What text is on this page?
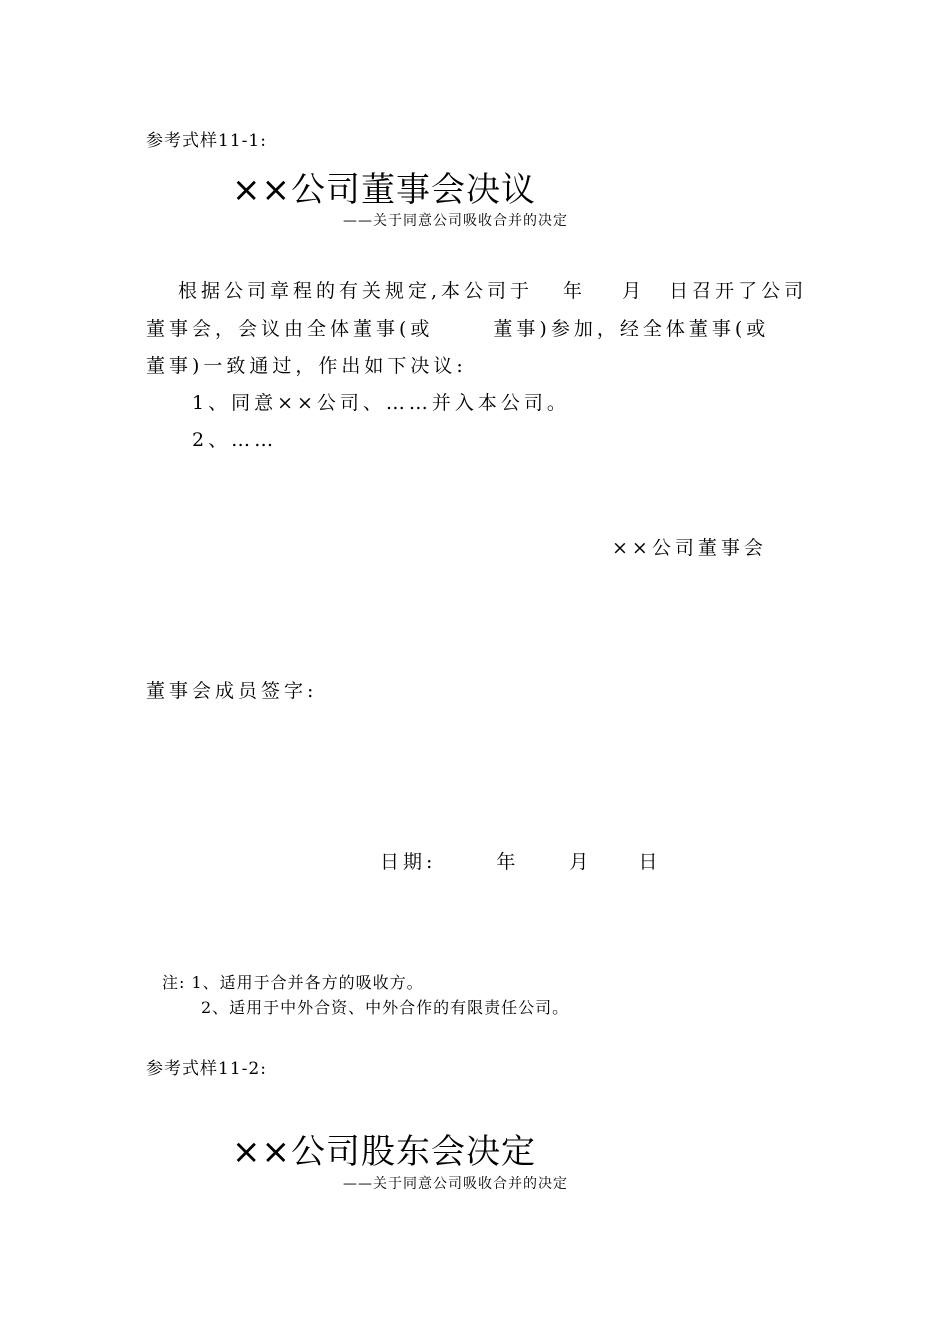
参考式样11-1:
××公司董事会决议
——关于同意公司吸收合并的决定
根据公司章程的有关规定,本公司于 年 月 日召开了公司
董事会，会议由全体董事(或	董事)参加，经全体董事(或
董事)一致通过，作出如下决议:
1、同意××公司、……并入本公司。
2、……
××公司董事会
董事会成员签字:
日期:	年	月 日
注: 1、适用于合并各方的吸收方。
2、适用于中外合资、中外合作的有限责任公司。
参考式样11-2:
××公司股东会决定
——关于同意公司吸收合并的决定
